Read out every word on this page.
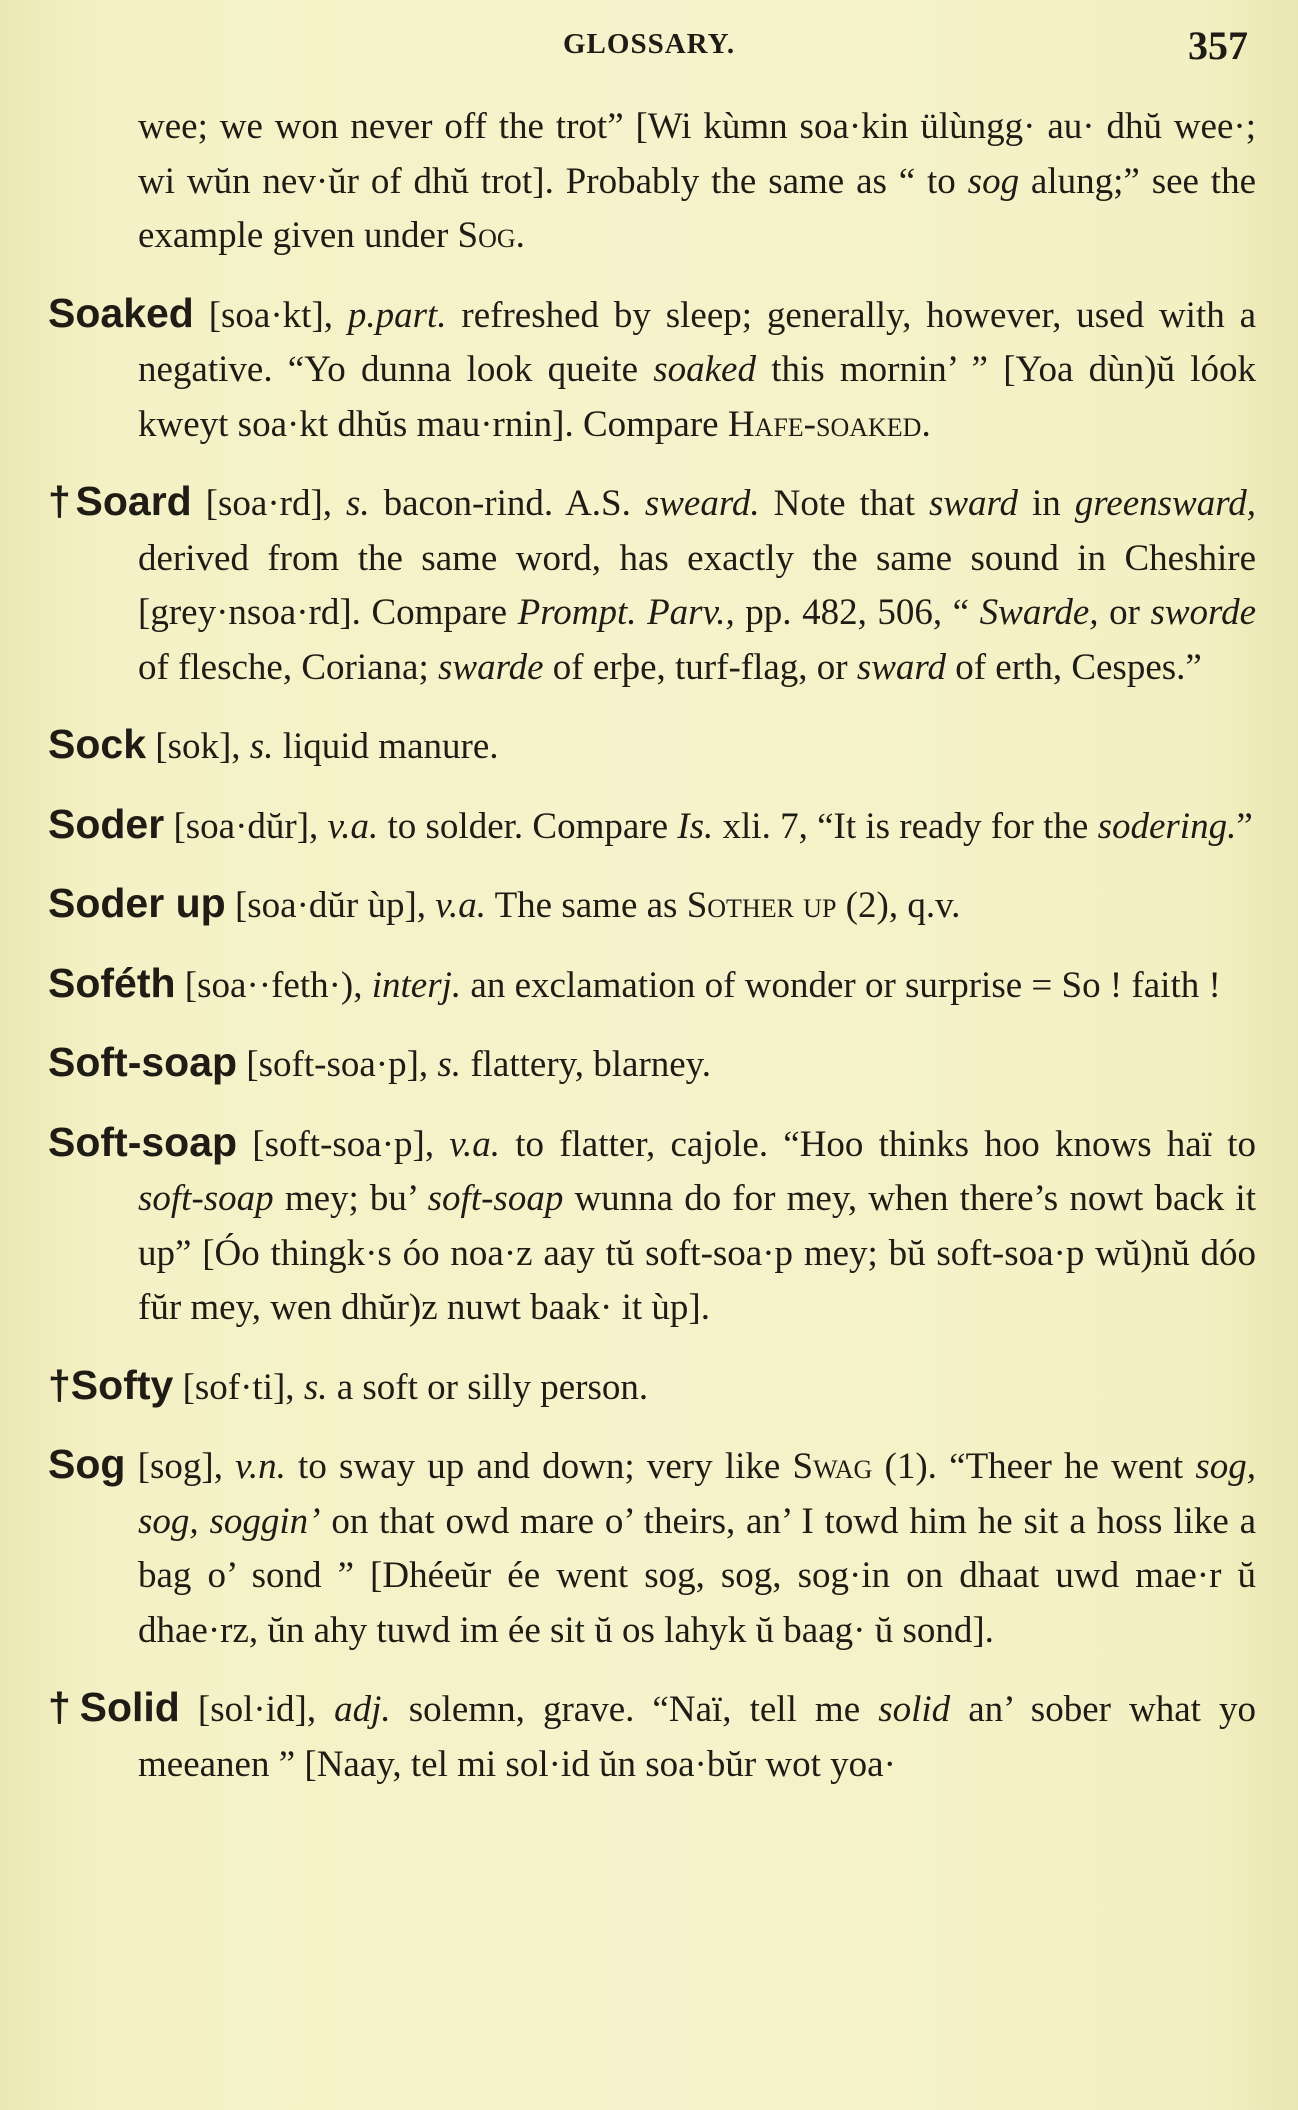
GLOSSARY.	357

wee; we won never off the trot” [Wi kùmn soa·kin ülùngg· au· dhŭ wee·; wi wŭn nev·ŭr of dhŭ trot]. Probably the same as “ to sog alung;” see the example given under Sog.

Soaked [soa·kt], p.part. refreshed by sleep; generally, however, used with a negative. “Yo dunna look queite soaked this mornin’ ” [Yoa dùn)ŭ lóok kweyt soa·kt dhŭs mau·rnin]. Compare Hafe-soaked.

†Soard [soa·rd], s. bacon-rind. A.S. sweard. Note that sward in greensward, derived from the same word, has exactly the same sound in Cheshire [grey·nsoa·rd]. Compare Prompt. Parv., pp. 482, 506, “ Swarde, or sworde of flesche, Coriana; swarde of erþe, turf-flag, or sward of erth, Cespes.”

Sock [sok], s. liquid manure.

Soder [soa·dŭr], v.a. to solder. Compare Is. xli. 7, “It is ready for the sodering.”

Soder up [soa·dŭr ùp], v.a. The same as Sother up (2), q.v.

Soféth [soa··feth·), interj. an exclamation of wonder or surprise = So ! faith !

Soft-soap [soft-soa·p], s. flattery, blarney.

Soft-soap [soft-soa·p], v.a. to flatter, cajole. “Hoo thinks hoo knows haï to soft-soap mey; bu’ soft-soap wunna do for mey, when there’s nowt back it up” [Óo thingk·s óo noa·z aay tŭ soft-soa·p mey; bŭ soft-soa·p wŭ)nŭ dóo fŭr mey, wen dhŭr)z nuwt baak· it ùp].

†Softy [sof·ti], s. a soft or silly person.

Sog [sog], v.n. to sway up and down; very like Swag (1). “Theer he went sog, sog, soggin’ on that owd mare o’ theirs, an’ I towd him he sit a hoss like a bag o’ sond ” [Dhéeŭr ée went sog, sog, sog·in on dhaat uwd mae·r ŭ dhae·rz, ŭn ahy tuwd im ée sit ŭ os lahyk ŭ baag· ŭ sond].

†Solid [sol·id], adj. solemn, grave. “Naï, tell me solid an’ sober what yo meeanen ” [Naay, tel mi sol·id ŭn soa·bŭr wot yoa·
